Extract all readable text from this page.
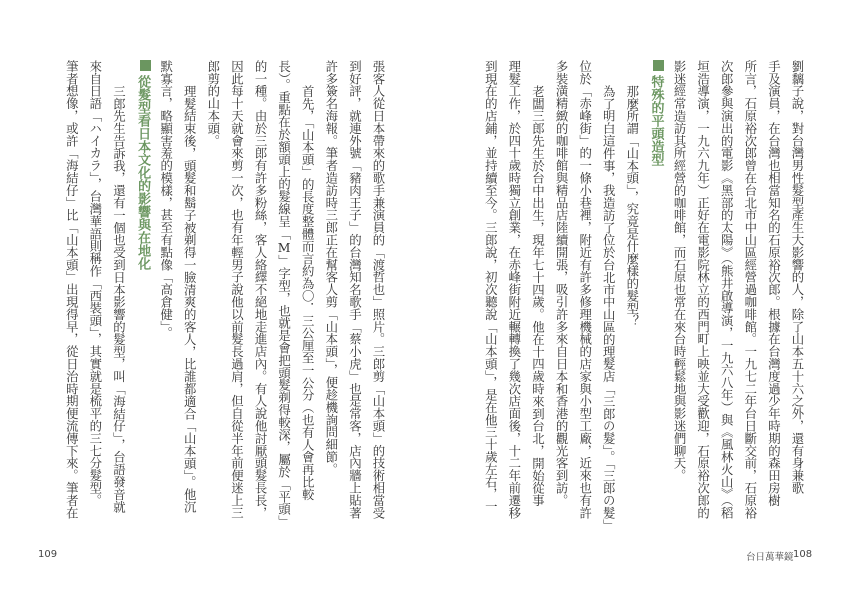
張客人從日本帶來的歌手兼演員的「渡哲也」照片。三郎剪「山本頭」的技術相當受
到好評，就連外號「豬肉王子」的台灣知名歌手「蔡小虎」也是常客，店內牆上貼著
許多簽名海報。筆者造訪時三郎正在幫客人剪「山本頭」，便趁機詢問細節。
首先，「山本頭」的長度整體而言約為〇．三公厘至一公分（也有人會再比較
長）。重點在於額頭上的髮線呈「M」字型，也就是會把頭髮剃得較深，屬於「平頭」
的一種。由於三郎有許多粉絲，客人絡繹不絕地走進店內。有人說他討厭頭髮長長，
因此每十天就會來剪一次，也有年輕男子說他以前髮長過肩，但自從半年前便迷上三
郎剪的山本頭。
理髮結束後，頭髮和鬍子被剃得一臉清爽的客人，比誰都適合「山本頭」。他沉
默寡言，略顯害羞的模樣，甚至有點像「高倉健」。
從髮型看日本文化的影響與在地化
三郎先生告訴我，還有一個也受到日本影響的髮型，叫「海結仔」，台語發音就
來自日語「ハイカラ」，台灣華語則稱作「西裝頭」，其實就是梳平的三七分髮型。
筆者想像，或許「海結仔」比「山本頭」出現得早，從日治時期便流傳下來。筆者在
109
劉黐子說，對台灣男性髮型產生大影響的人，除了山本五十六之外，還有身兼歌
手及演員，在台灣也相當知名的石原裕次郎。根據在台灣度過少年時期的森田房樹
所言，石原裕次郎曾在台北市中山區經營過咖啡館。一九七二年台日斷交前，石原裕
次郎參與演出的電影《黑部的太陽》（熊井啟導演，一九六八年）與《風林火山》（稻
垣浩導演，一九六九年）正好在電影院林立的西門町上映並大受歡迎，石原裕次郎的
影迷經常造訪其所經營的咖啡館，而石原也常在來台時輕鬆地與影迷們聊天。
特殊的平頭造型
那麼所謂「山本頭」，究竟是什麼樣的髮型？
為了明白這件事，我造訪了位於台北市中山區的理髮店「三郎の髮」。「三郎の髮」
位於「赤峰街」的一條小巷裡，附近有許多修理機械的店家與小型工廠，近來也有許
多裝潢精緻的咖啡館與精品店陸續開張，吸引許多來自日本和香港的觀光客到訪。
老闆三郎先生於台中出生，現年七十四歲。他在十四歲時來到台北，開始從事
理髮工作，於四十歲時獨立創業，在赤峰街附近輾轉換了幾次店面後，十二年前遷移
到現在的店鋪，並持續至今。三郎說，初次聽說「山本頭」，是在他三十歲左右，一
台日萬華鏡 108
